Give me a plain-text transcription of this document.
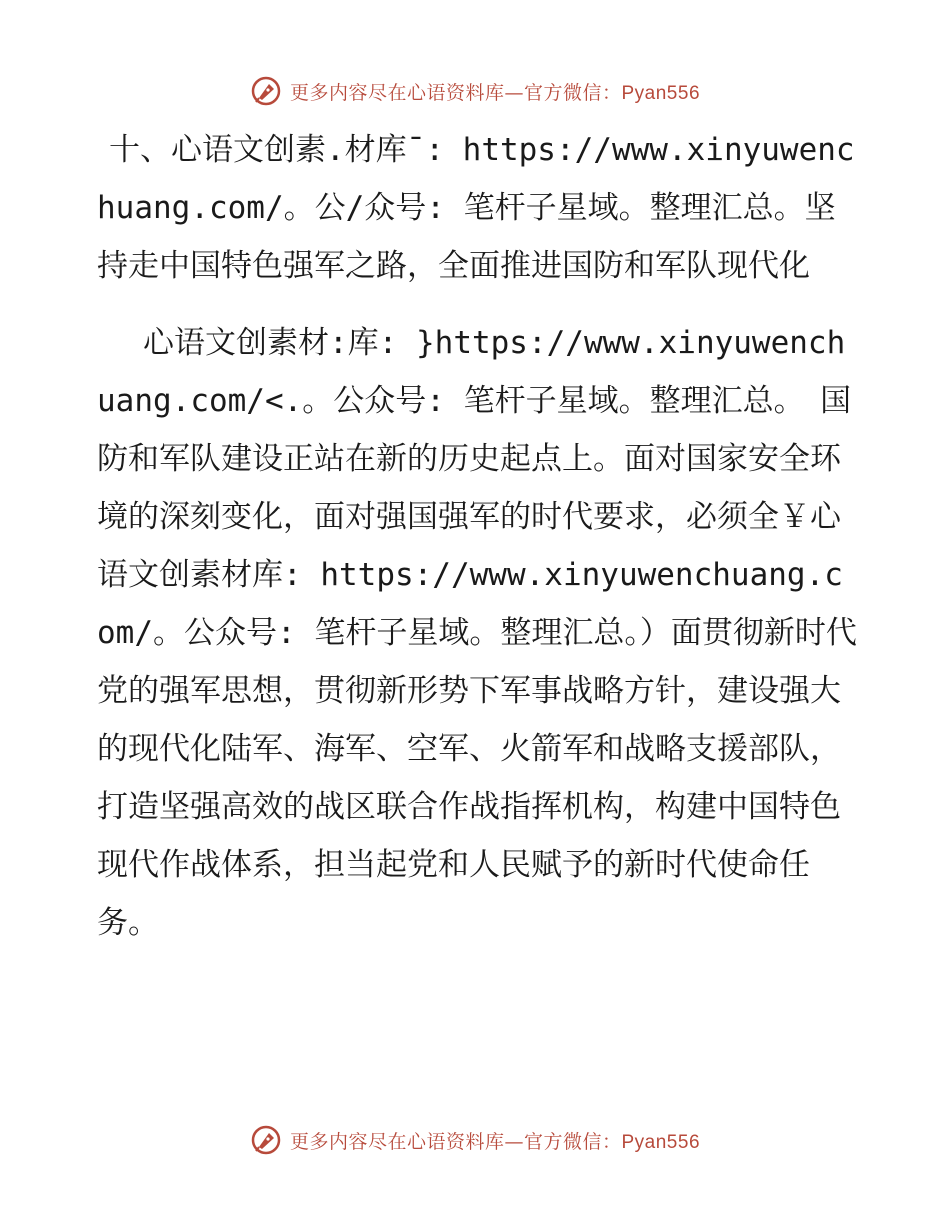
更多内容尽在心语资料库—官方微信：Pyan556

十、心语文创素.材库¯: https://www.xinyuwenchuang.com/。公/众号: 笔杆子星域。整理汇总。坚持走中国特色强军之路，全面推进国防和军队现代化

心语文创素材:库: }https://www.xinyuwenchuang.com/<.。公众号: 笔杆子星域。整理汇总。　国防和军队建设正站在新的历史起点上。面对国家安全环境的深刻变化，面对强国强军的时代要求，必须全￥心语文创素材库: https://www.xinyuwenchuang.com/。公众号: 笔杆子星域。整理汇总。）面贯彻新时代党的强军思想，贯彻新形势下军事战略方针，建设强大的现代化陆军、海军、空军、火箭军和战略支援部队，打造坚强高效的战区联合作战指挥机构，构建中国特色现代作战体系，担当起党和人民赋予的新时代使命任务。

更多内容尽在心语资料库—官方微信：Pyan556
